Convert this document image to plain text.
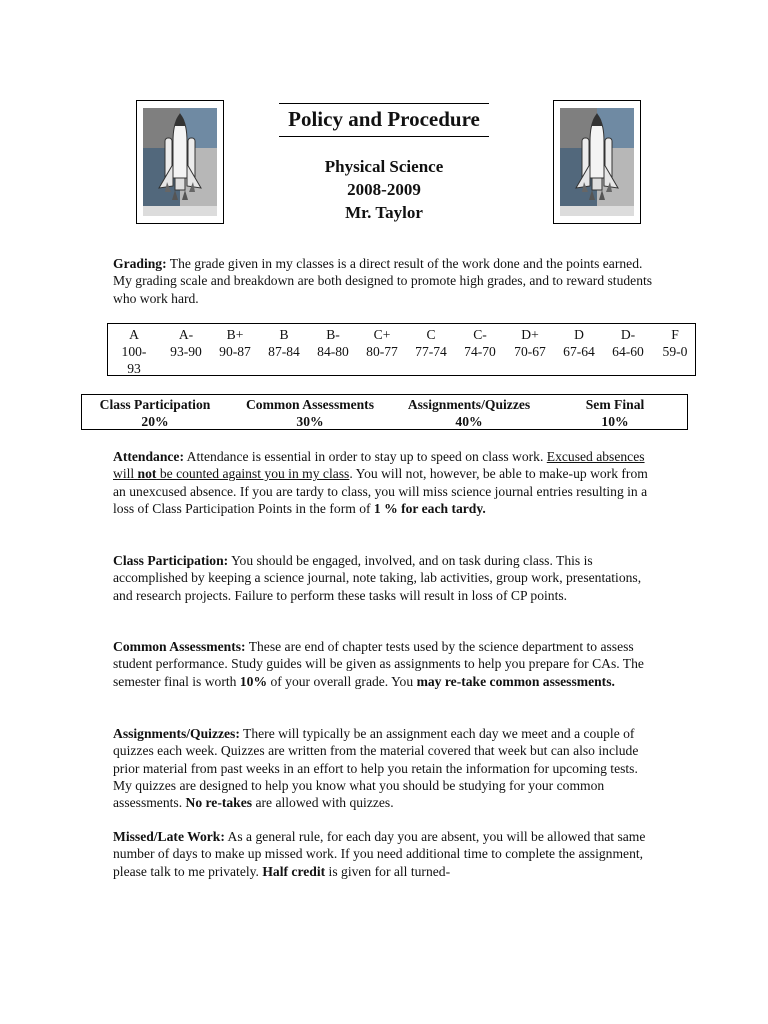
Policy and Procedure
Physical Science
2008-2009
Mr. Taylor
Grading: The grade given in my classes is a direct result of the work done and the points earned. My grading scale and breakdown are both designed to promote high grades, and to reward students who work hard.
A
100-93
A-
93-90
B+
90-87
B
87-84
B-
84-80
C+
80-77
C
77-74
C-
74-70
D+
70-67
D
67-64
D-
64-60
F
59-0
Class Participation
20%
Common Assessments
30%
Assignments/Quizzes
40%
Sem Final
10%
Attendance: Attendance is essential in order to stay up to speed on class work. Excused absences will not be counted against you in my class. You will not, however, be able to make-up work from an unexcused absence. If you are tardy to class, you will miss science journal entries resulting in a loss of Class Participation Points in the form of 1 % for each tardy.
Class Participation: You should be engaged, involved, and on task during class. This is accomplished by keeping a science journal, note taking, lab activities, group work, presentations, and research projects. Failure to perform these tasks will result in loss of CP points.
Common Assessments: These are end of chapter tests used by the science department to assess student performance. Study guides will be given as assignments to help you prepare for CAs. The semester final is worth 10% of your overall grade. You may re-take common assessments.
Assignments/Quizzes: There will typically be an assignment each day we meet and a couple of quizzes each week. Quizzes are written from the material covered that week but can also include prior material from past weeks in an effort to help you retain the information for upcoming tests. My quizzes are designed to help you know what you should be studying for your common assessments. No re-takes are allowed with quizzes.
Missed/Late Work: As a general rule, for each day you are absent, you will be allowed that same number of days to make up missed work. If you need additional time to complete the assignment, please talk to me privately. Half credit is given for all turned-
